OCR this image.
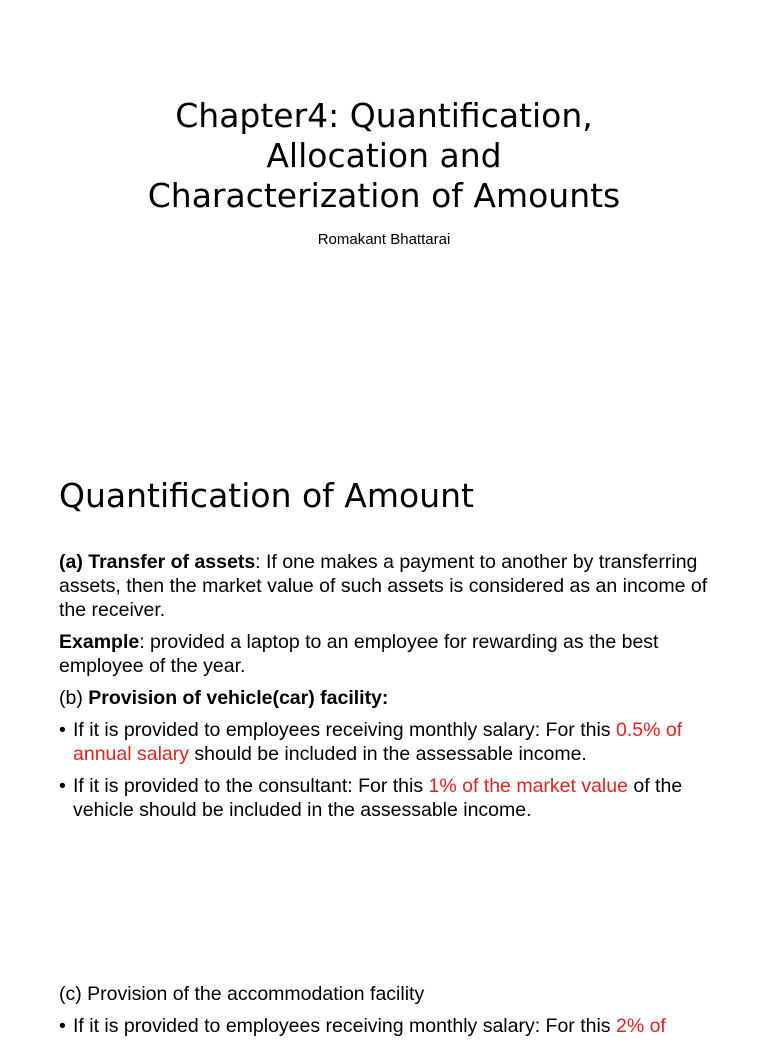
Chapter4: Quantification,
Allocation and
Characterization of Amounts
Romakant Bhattarai
Quantification of Amount

(a) Transfer of assets: If one makes a payment to another by transferring assets, then the market value of such assets is considered as an income of the receiver.

Example: provided a laptop to an employee for rewarding as the best employee of the year.

(b) Provision of vehicle(car) facility:

• If it is provided to employees receiving monthly salary: For this 0.5% of annual salary should be included in the assessable income.
• If it is provided to the consultant: For this 1% of the market value of the vehicle should be included in the assessable income.

(c) Provision of the accommodation facility

• If it is provided to employees receiving monthly salary: For this 2% of
